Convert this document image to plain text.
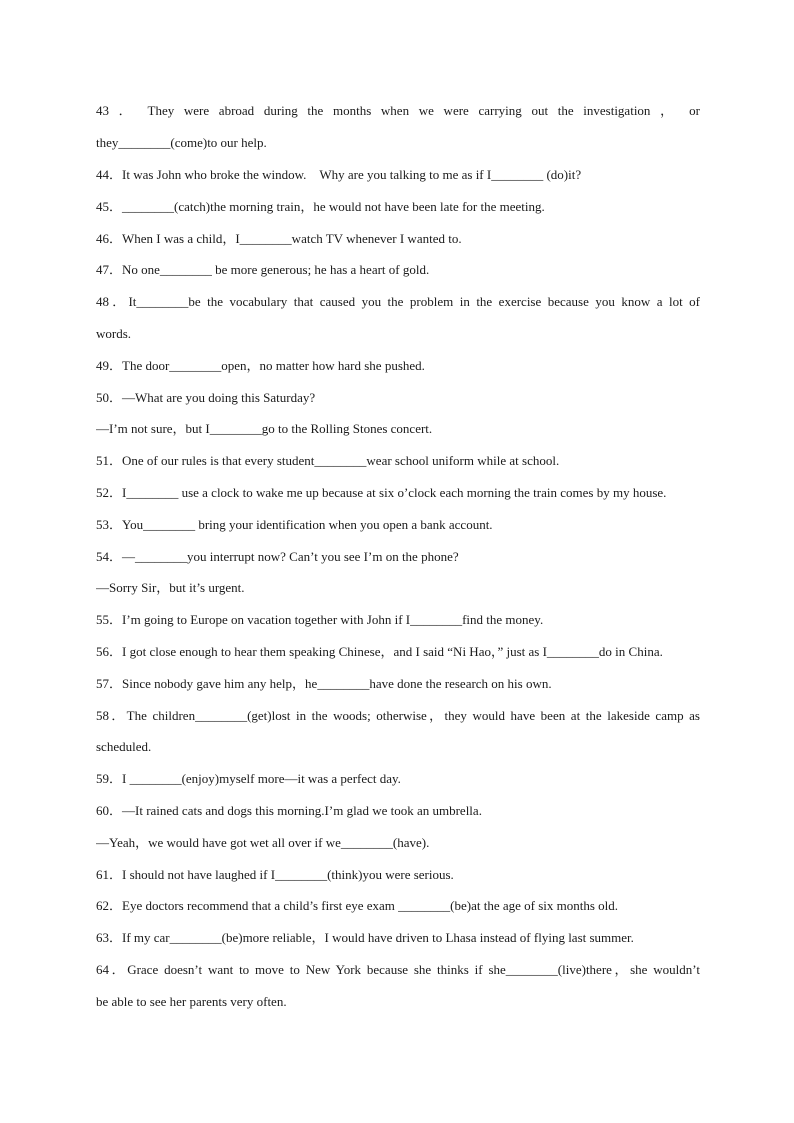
43 ． They were abroad during the months when we were carrying out the investigation ， or
they________(come)to our help.
44．It was John who broke the window.　Why are you talking to me as if I________ (do)it?
45．________(catch)the morning train，he would not have been late for the meeting.
46．When I was a child，I________watch TV whenever I wanted to.
47．No one________ be more generous; he has a heart of gold.
48．It________be the vocabulary that caused you the problem in the exercise because you know a lot of
words.
49．The door________open，no matter how hard she pushed.
50．—What are you doing this Saturday?
—I’m not sure，but I________go to the Rolling Stones concert.
51．One of our rules is that every student________wear school uniform while at school.
52．I________ use a clock to wake me up because at six o’clock each morning the train comes by my house.
53．You________ bring your identification when you open a bank account.
54．—________you interrupt now? Can’t you see I’m on the phone?
—Sorry Sir，but it’s urgent.
55．I’m going to Europe on vacation together with John if I________find the money.
56．I got close enough to hear them speaking Chinese，and I said “Ni Hao，” just as I________do in China.
57．Since nobody gave him any help，he________have done the research on his own.
58．The children________(get)lost in the woods; otherwise，they would have been at the lakeside camp as
scheduled.
59．I ________(enjoy)myself more—it was a perfect day.
60．—It rained cats and dogs this morning.I’m glad we took an umbrella.
—Yeah，we would have got wet all over if we________(have).
61．I should not have laughed if I________(think)you were serious.
62．Eye doctors recommend that a child’s first eye exam ________(be)at the age of six months old.
63．If my car________(be)more reliable，I would have driven to Lhasa instead of flying last summer.
64．Grace doesn’t want to move to New York because she thinks if she________(live)there，she wouldn’t
be able to see her parents very often.
